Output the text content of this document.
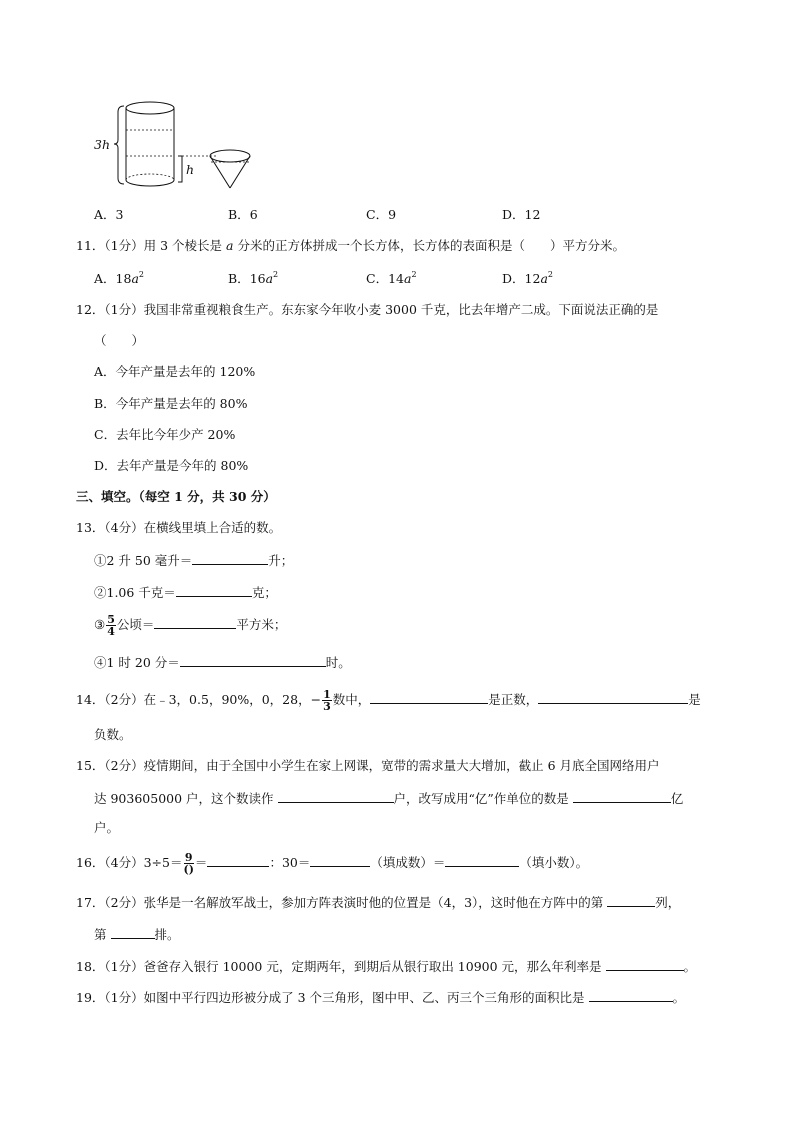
3h
h
A．3	B．6	C．9	D．12
11．（1分）用 3 个棱长是 a 分米的正方体拼成一个长方体，长方体的表面积是（　　）平方分米。
A．$18a^2$	B．$16a^2$	C．$14a^2$	D．$12a^2$
12．（1分）我国非常重视粮食生产。东东家今年收小麦 3000 千克，比去年增产二成。下面说法正确的是
（　　）
A．今年产量是去年的 120%
B．今年产量是去年的 80%
C．去年比今年少产 20%
D．去年产量是今年的 80%
三、填空。（每空 1 分，共 30 分）
13．（4分）在横线里填上合适的数。
①2 升 50 毫升＝	升；
②1.06 千克＝	克；
③ $\frac{5}{4}$ 公顷＝	平方米；
④1 时 20 分＝	时。
14．（2分）在﹣3，0.5，90%，0，28，− $\frac{1}{3}$ 数中，	是正数，	是
负数。
15．（2分）疫情期间，由于全国中小学生在家上网课，宽带的需求量大大增加，截止 6 月底全国网络用户
达 903605000 户，这个数读作	户，改写成用“亿”作单位的数是	亿
户。
16．（4分）$3\div 5= \frac{9}{()}$ ＝	：30＝	（填成数）＝	（填小数）。
17．（2分）张华是一名解放军战士，参加方阵表演时他的位置是（4，3），这时他在方阵中的第	列，
第	排。
18．（1分）爸爸存入银行 10000 元，定期两年，到期后从银行取出 10900 元，那么年利率是	。
19．（1分）如图中平行四边形被分成了 3 个三角形，图中甲、乙、丙三个三角形的面积比是	。
